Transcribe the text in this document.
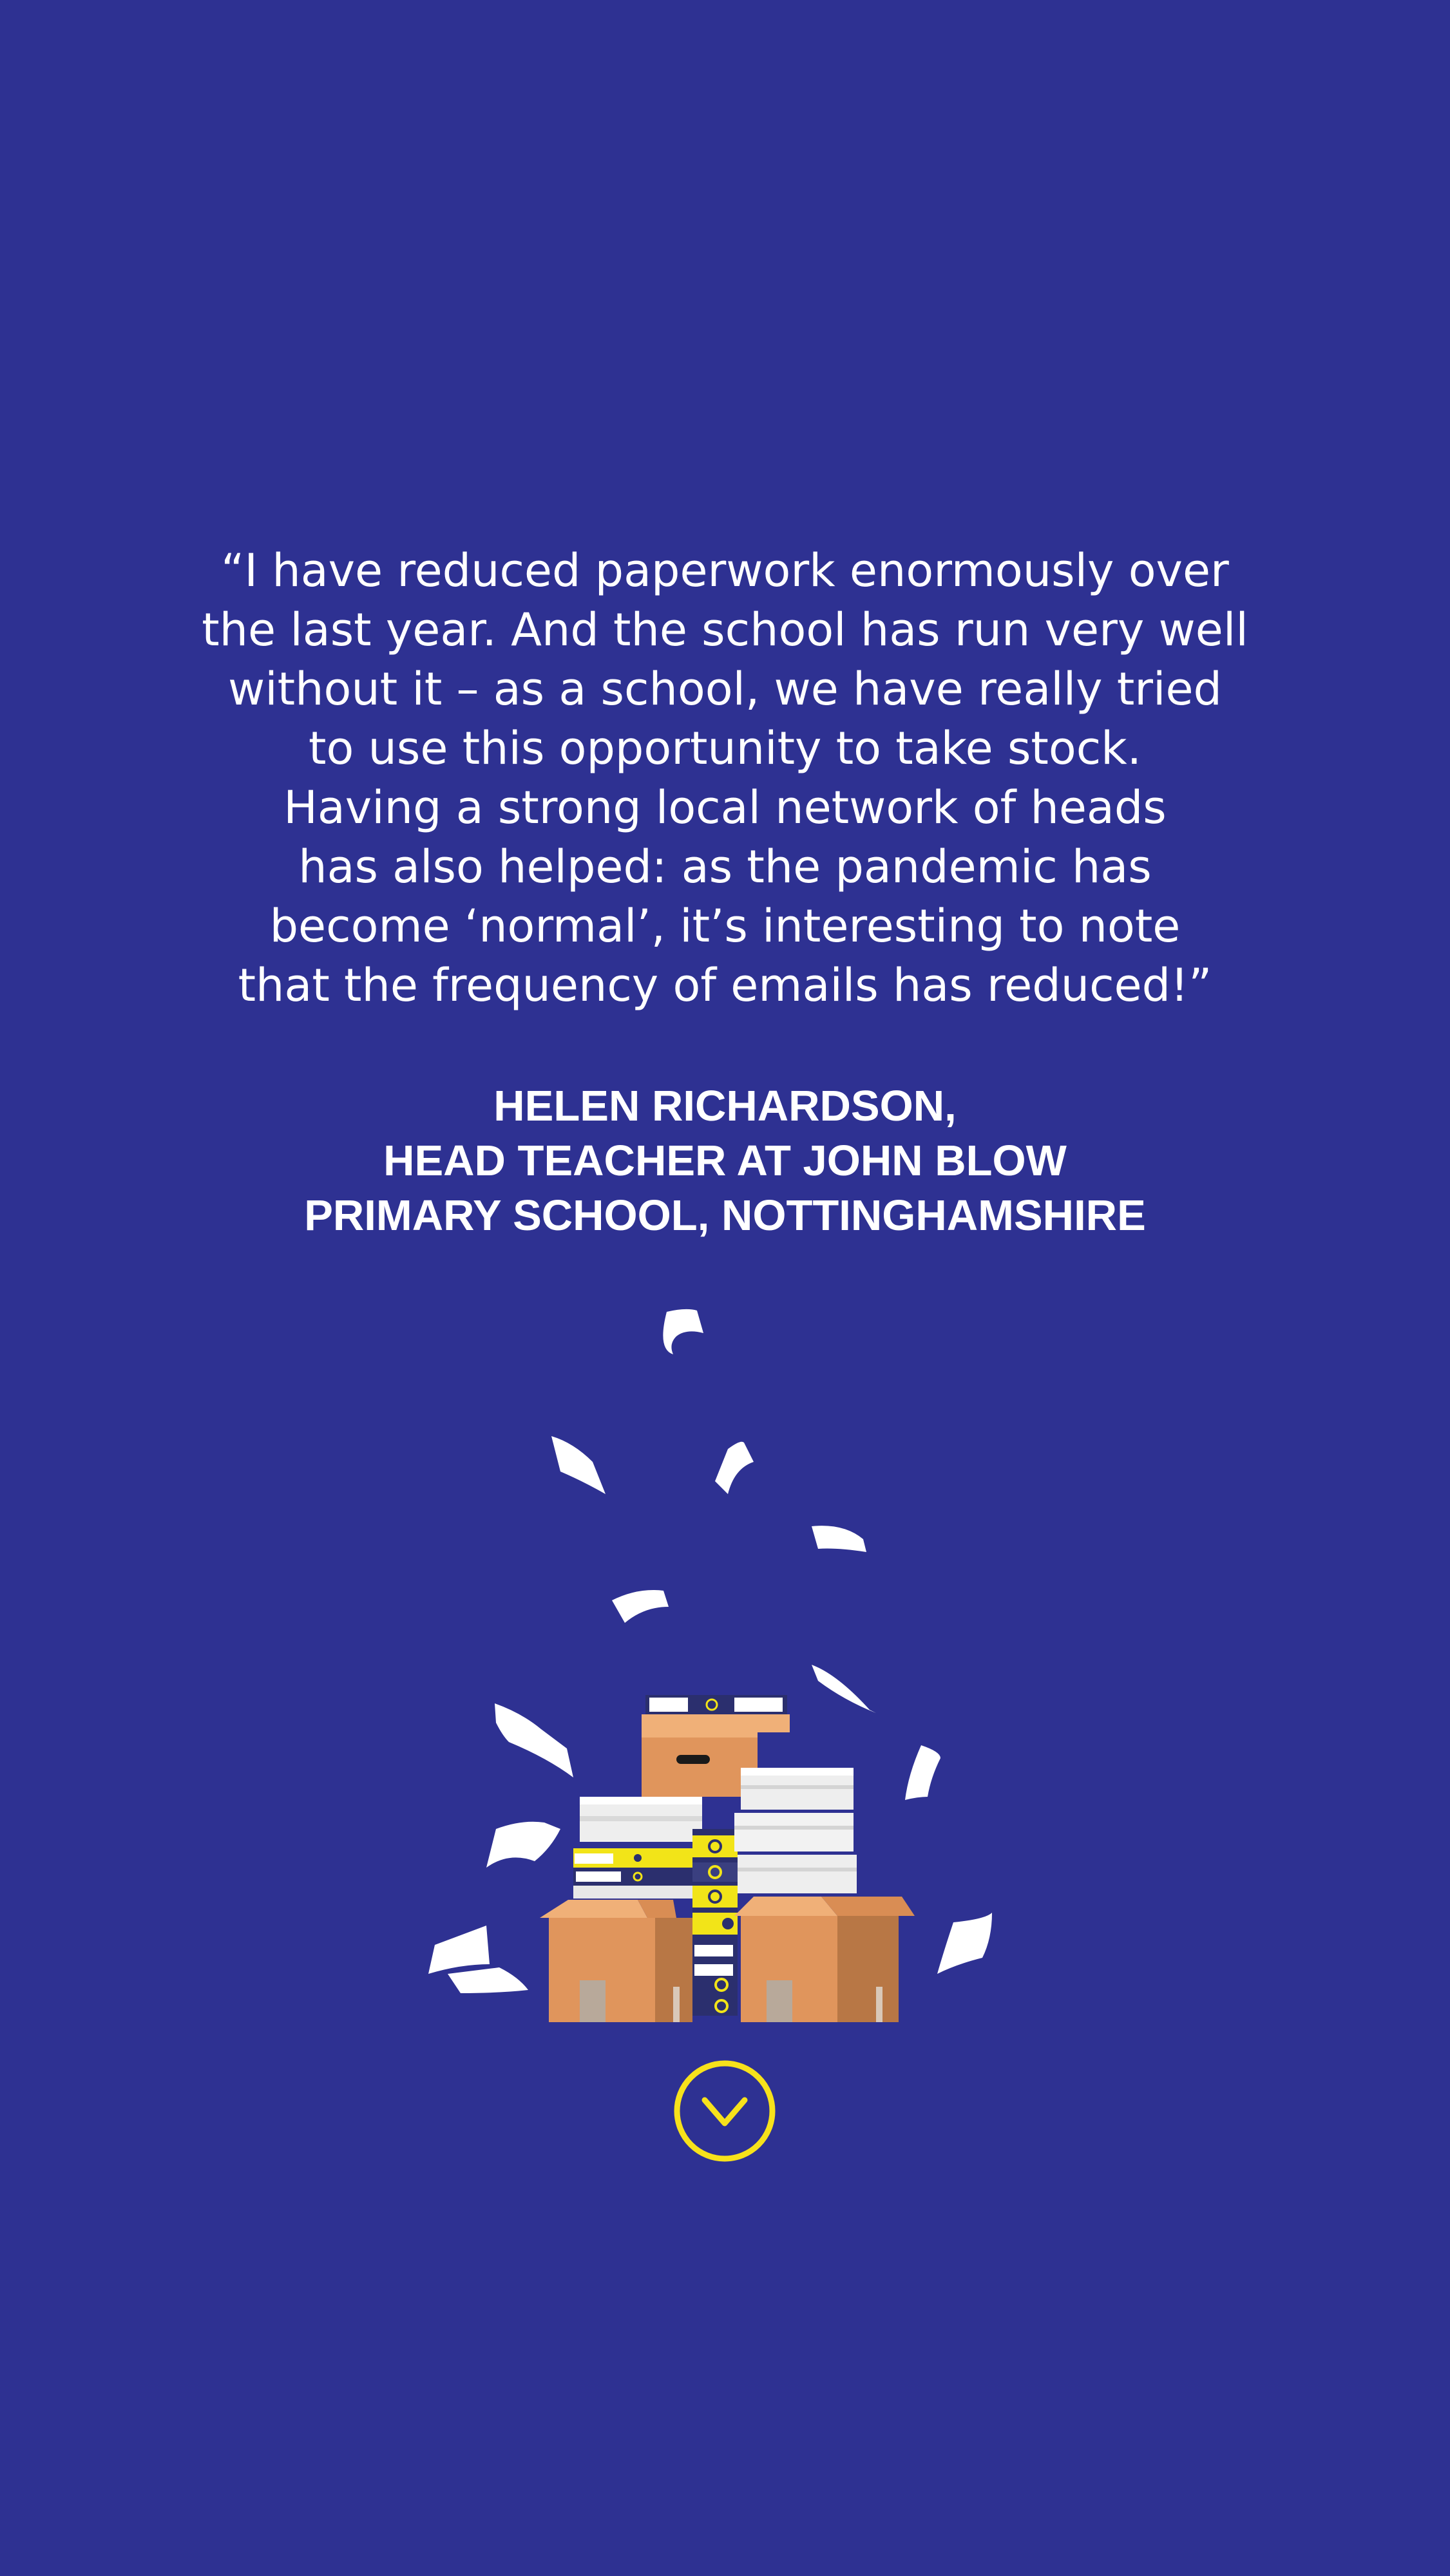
“I have reduced paperwork enormously over
the last year. And the school has run very well
without it – as a school, we have really tried
to use this opportunity to take stock.
Having a strong local network of heads
has also helped: as the pandemic has
become ‘normal’, it’s interesting to note
that the frequency of emails has reduced!”

HELEN RICHARDSON,
HEAD TEACHER AT JOHN BLOW
PRIMARY SCHOOL, NOTTINGHAMSHIRE
